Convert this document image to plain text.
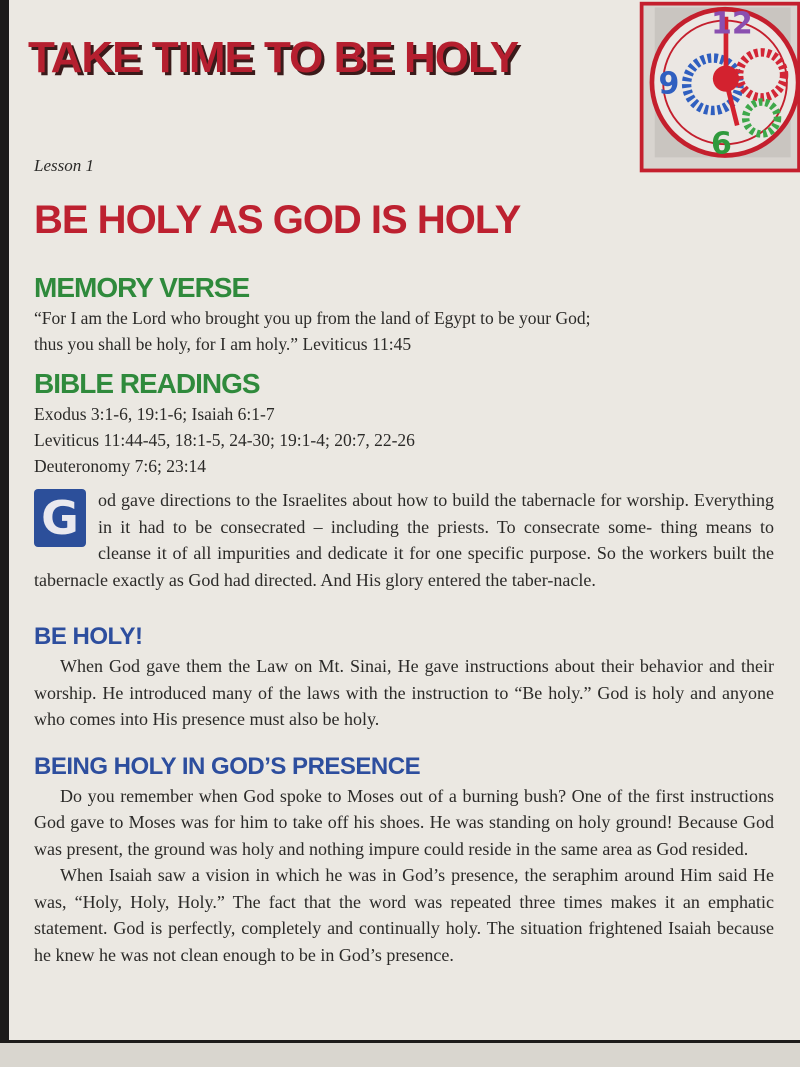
TAKE TIME TO BE HOLY
12
9
6
Lesson 1
BE HOLY AS GOD IS HOLY
MEMORY VERSE
“For I am the Lord who brought you up from the land of Egypt to be your God;
thus you shall be holy, for I am holy.” Leviticus 11:45
BIBLE READINGS
Exodus 3:1-6, 19:1-6; Isaiah 6:1-7
Leviticus 11:44-45, 18:1-5, 24-30; 19:1-4; 20:7, 22-26
Deuteronomy 7:6; 23:14
G	od gave directions to the Israelites about how to build the tabernacle for worship. Everything in it had to be consecrated – including the priests. To consecrate some- thing means to cleanse it of all impurities and dedicate it for one specific purpose. So the workers built the tabernacle exactly as God had directed. And His glory entered the taber-nacle.
BE HOLY!
When God gave them the Law on Mt. Sinai, He gave instructions about their behavior and their worship. He introduced many of the laws with the instruction to “Be holy.” God is holy and anyone who comes into His presence must also be holy.
BEING HOLY IN GOD’S PRESENCE
Do you remember when God spoke to Moses out of a burning bush? One of the first instructions God gave to Moses was for him to take off his shoes. He was standing on holy ground! Because God was present, the ground was holy and nothing impure could reside in the same area as God resided.
When Isaiah saw a vision in which he was in God’s presence, the seraphim around Him said He was, “Holy, Holy, Holy.” The fact that the word was repeated three times makes it an emphatic statement. God is perfectly, completely and continually holy. The situation frightened Isaiah because he knew he was not clean enough to be in God’s presence.
